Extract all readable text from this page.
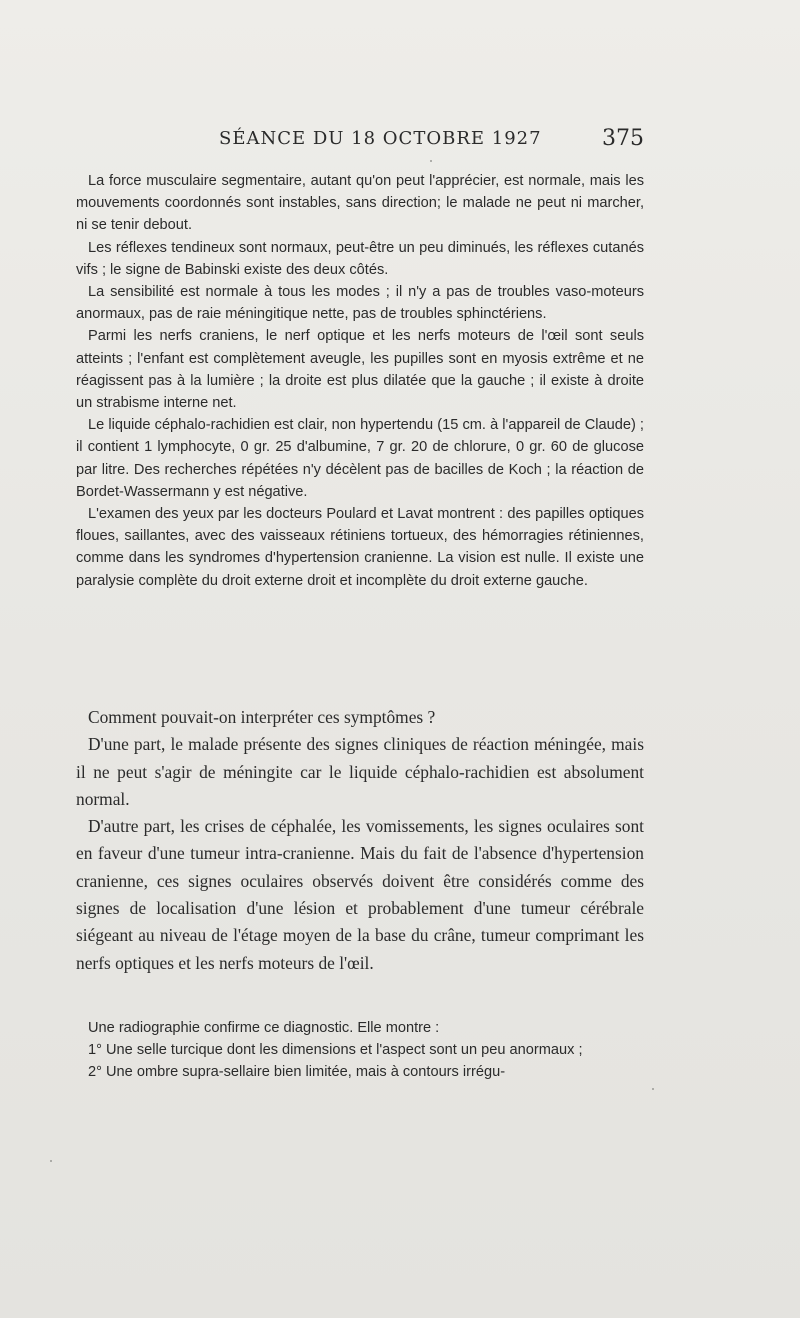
SÉANCE DU 18 OCTOBRE 1927	375

La force musculaire segmentaire, autant qu'on peut l'apprécier, est normale, mais les mouvements coordonnés sont instables, sans direction; le malade ne peut ni marcher, ni se tenir debout.

Les réflexes tendineux sont normaux, peut-être un peu diminués, les réflexes cutanés vifs ; le signe de Babinski existe des deux côtés.

La sensibilité est normale à tous les modes ; il n'y a pas de troubles vaso-moteurs anormaux, pas de raie méningitique nette, pas de troubles sphinctériens.

Parmi les nerfs craniens, le nerf optique et les nerfs moteurs de l'œil sont seuls atteints ; l'enfant est complètement aveugle, les pupilles sont en myosis extrême et ne réagissent pas à la lumière ; la droite est plus dilatée que la gauche ; il existe à droite un strabisme interne net.

Le liquide céphalo-rachidien est clair, non hypertendu (15 cm. à l'appareil de Claude) ; il contient 1 lymphocyte, 0 gr. 25 d'albumine, 7 gr. 20 de chlorure, 0 gr. 60 de glucose par litre. Des recherches répétées n'y décèlent pas de bacilles de Koch ; la réaction de Bordet-Wassermann y est négative.

L'examen des yeux par les docteurs Poulard et Lavat montrent : des papilles optiques floues, saillantes, avec des vaisseaux rétiniens tortueux, des hémorragies rétiniennes, comme dans les syndromes d'hypertension cranienne. La vision est nulle. Il existe une paralysie complète du droit externe droit et incomplète du droit externe gauche.

Comment pouvait-on interpréter ces symptômes ?

D'une part, le malade présente des signes cliniques de réaction méningée, mais il ne peut s'agir de méningite car le liquide céphalo-rachidien est absolument normal.

D'autre part, les crises de céphalée, les vomissements, les signes oculaires sont en faveur d'une tumeur intra-cranienne. Mais du fait de l'absence d'hypertension cranienne, ces signes oculaires observés doivent être considérés comme des signes de localisation d'une lésion et probablement d'une tumeur cérébrale siégeant au niveau de l'étage moyen de la base du crâne, tumeur comprimant les nerfs optiques et les nerfs moteurs de l'œil.

Une radiographie confirme ce diagnostic. Elle montre :

1° Une selle turcique dont les dimensions et l'aspect sont un peu anormaux ;

2° Une ombre supra-sellaire bien limitée, mais à contours irrégu-
